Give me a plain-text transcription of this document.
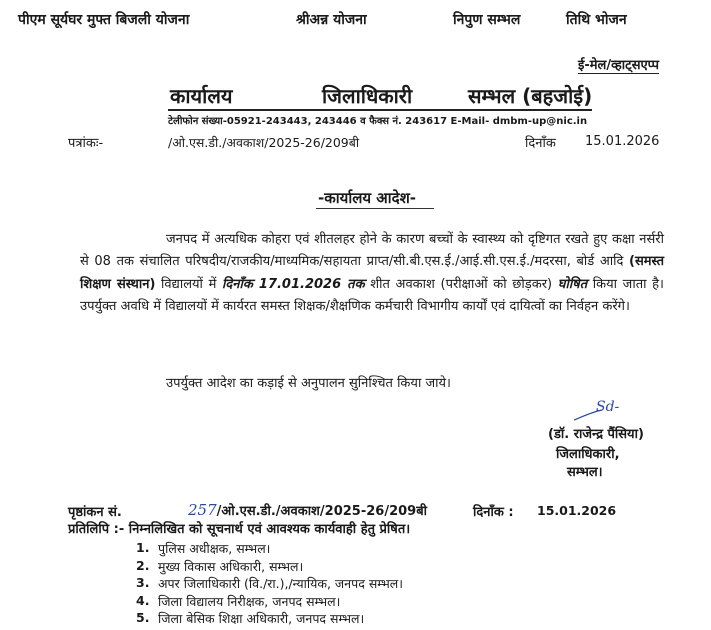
पीएम सूर्यघर मुफ्त बिजली योजना	श्रीअन्न योजना	निपुण सम्भल	तिथि भोजन
ई-मेल/व्हाट्सएप्प
कार्यालय	जिलाधिकारी	सम्भल (बहजोई)
टेलीफोन संख्या-05921-243443, 243446 व फैक्स नं. 243617 E-Mail- dmbm-up@nic.in
पत्रांकः-	/ओ.एस.डी./अवकाश/2025-26/209बी	दिनाँक 15.01.2026
-कार्यालय आदेश-
जनपद में अत्यधिक कोहरा एवं शीतलहर होने के कारण बच्चों के स्वास्थ्य को दृष्टिगत रखते हुए कक्षा नर्सरी से 08 तक संचालित परिषदीय/राजकीय/माध्यमिक/सहायता प्राप्त/सी.बी.एस.ई./आई.सी.एस.ई./मदरसा, बोर्ड आदि (समस्त शिक्षण संस्थान) विद्यालयों में दिनाँक 17.01.2026 तक शीत अवकाश (परीक्षाओं को छोड़कर) घोषित किया जाता है। उपर्युक्त अवधि में विद्यालयों में कार्यरत समस्त शिक्षक/शैक्षणिक कर्मचारी विभागीय कार्यों एवं दायित्वों का निर्वहन करेंगे।
उपर्युक्त आदेश का कड़ाई से अनुपालन सुनिश्चित किया जाये।
Sd-
(डॉ. राजेन्द्र पैंसिया)
जिलाधिकारी,
सम्भल।
पृष्ठांकन सं.	257/ओ.एस.डी./अवकाश/2025-26/209बी	दिनाँक : 15.01.2026
प्रतिलिपि :- निम्नलिखित को सूचनार्थ एवं आवश्यक कार्यवाही हेतु प्रेषित।
1. पुलिस अधीक्षक, सम्भल।
2. मुख्य विकास अधिकारी, सम्भल।
3. अपर जिलाधिकारी (वि./रा.),/न्यायिक, जनपद सम्भल।
4. जिला विद्यालय निरीक्षक, जनपद सम्भल।
5. जिला बेसिक शिक्षा अधिकारी, जनपद सम्भल।
